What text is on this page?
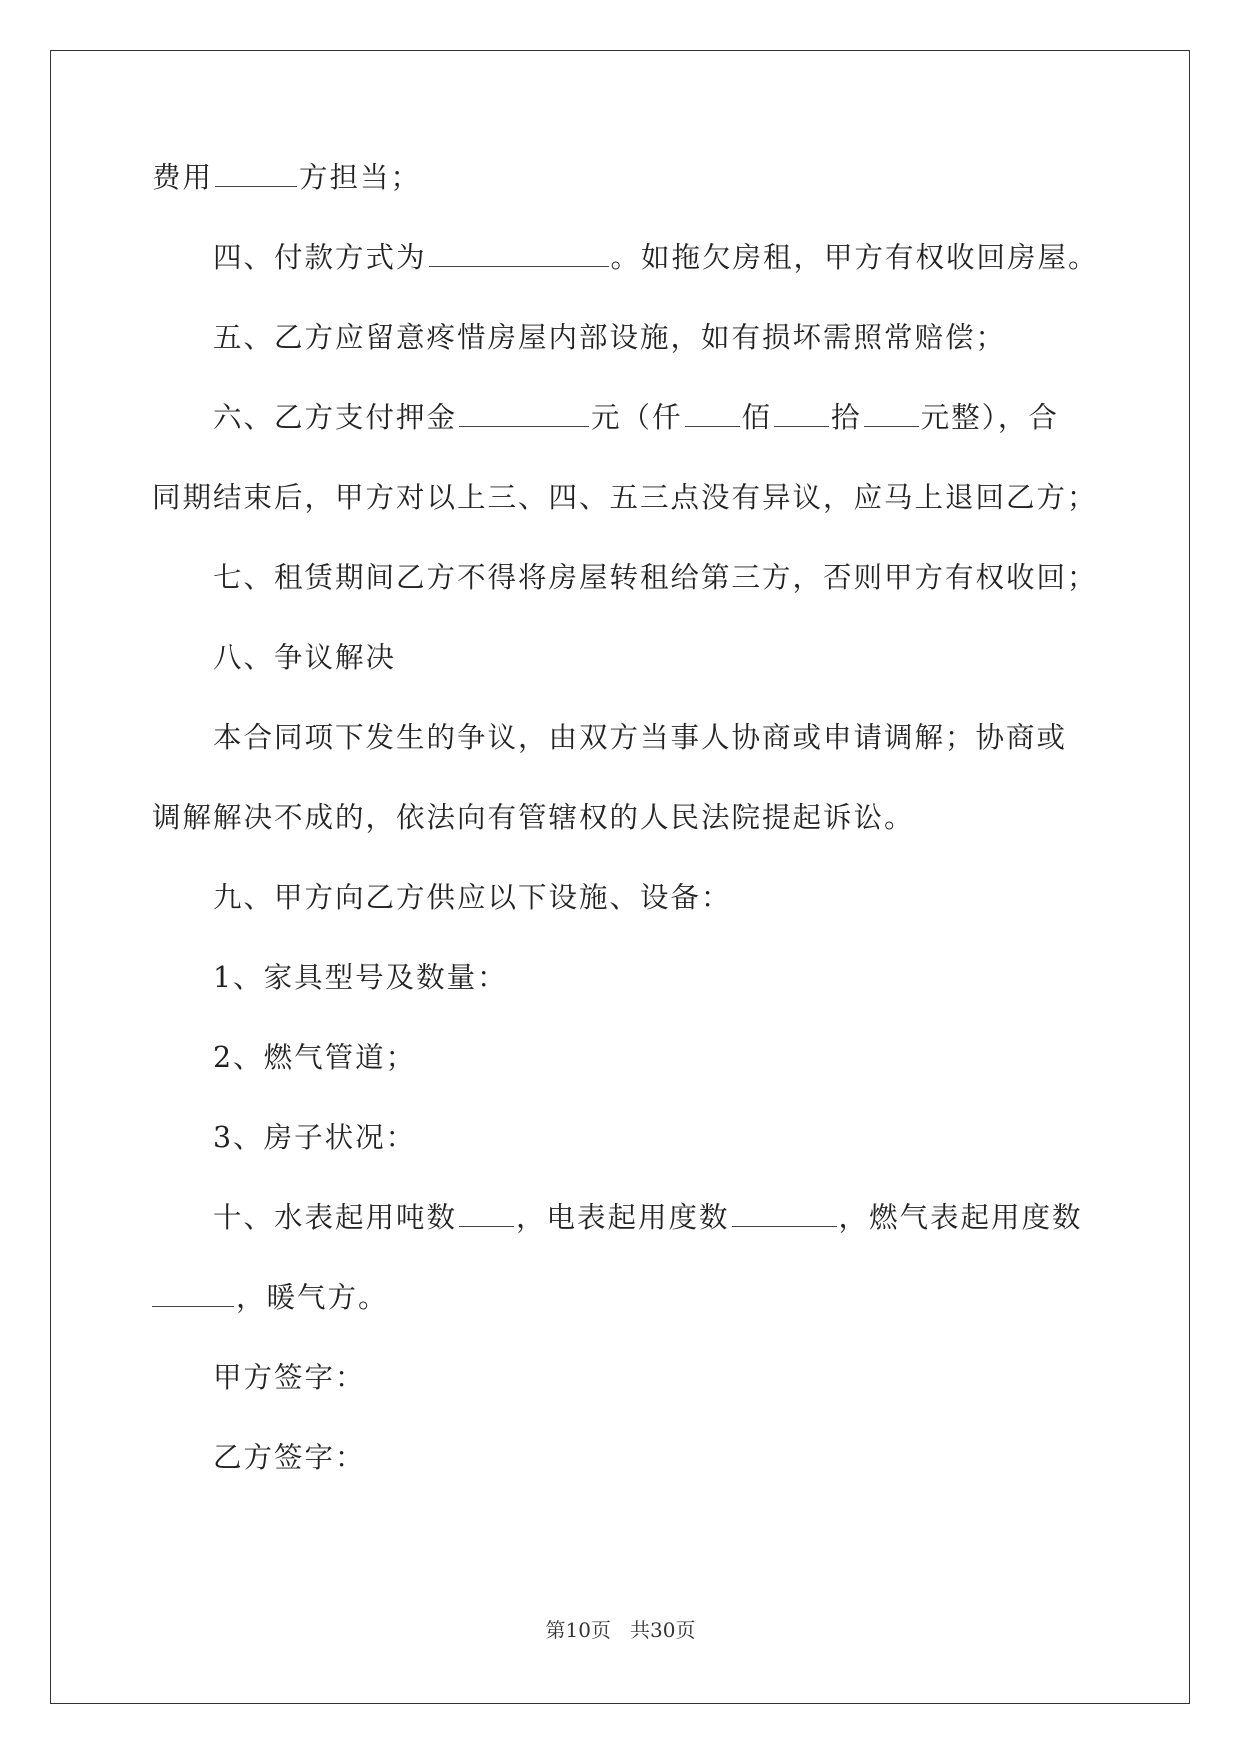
费用	方担当；
四、付款方式为	。如拖欠房租，甲方有权收回房屋。
五、乙方应留意疼惜房屋内部设施，如有损坏需照常赔偿；
六、乙方支付押金	元（仟 佰 拾 元整），合
同期结束后，甲方对以上三、四、五三点没有异议，应马上退回乙方；
七、租赁期间乙方不得将房屋转租给第三方，否则甲方有权收回；
八、争议解决
本合同项下发生的争议，由双方当事人协商或申请调解；协商或
调解解决不成的，依法向有管辖权的人民法院提起诉讼。
九、甲方向乙方供应以下设施、设备：
1、家具型号及数量：
2、燃气管道；
3、房子状况：
十、水表起用吨数 ，电表起用度数	，燃气表起用度数
，暖气方。
甲方签字：
乙方签字：
第10页 共30页
